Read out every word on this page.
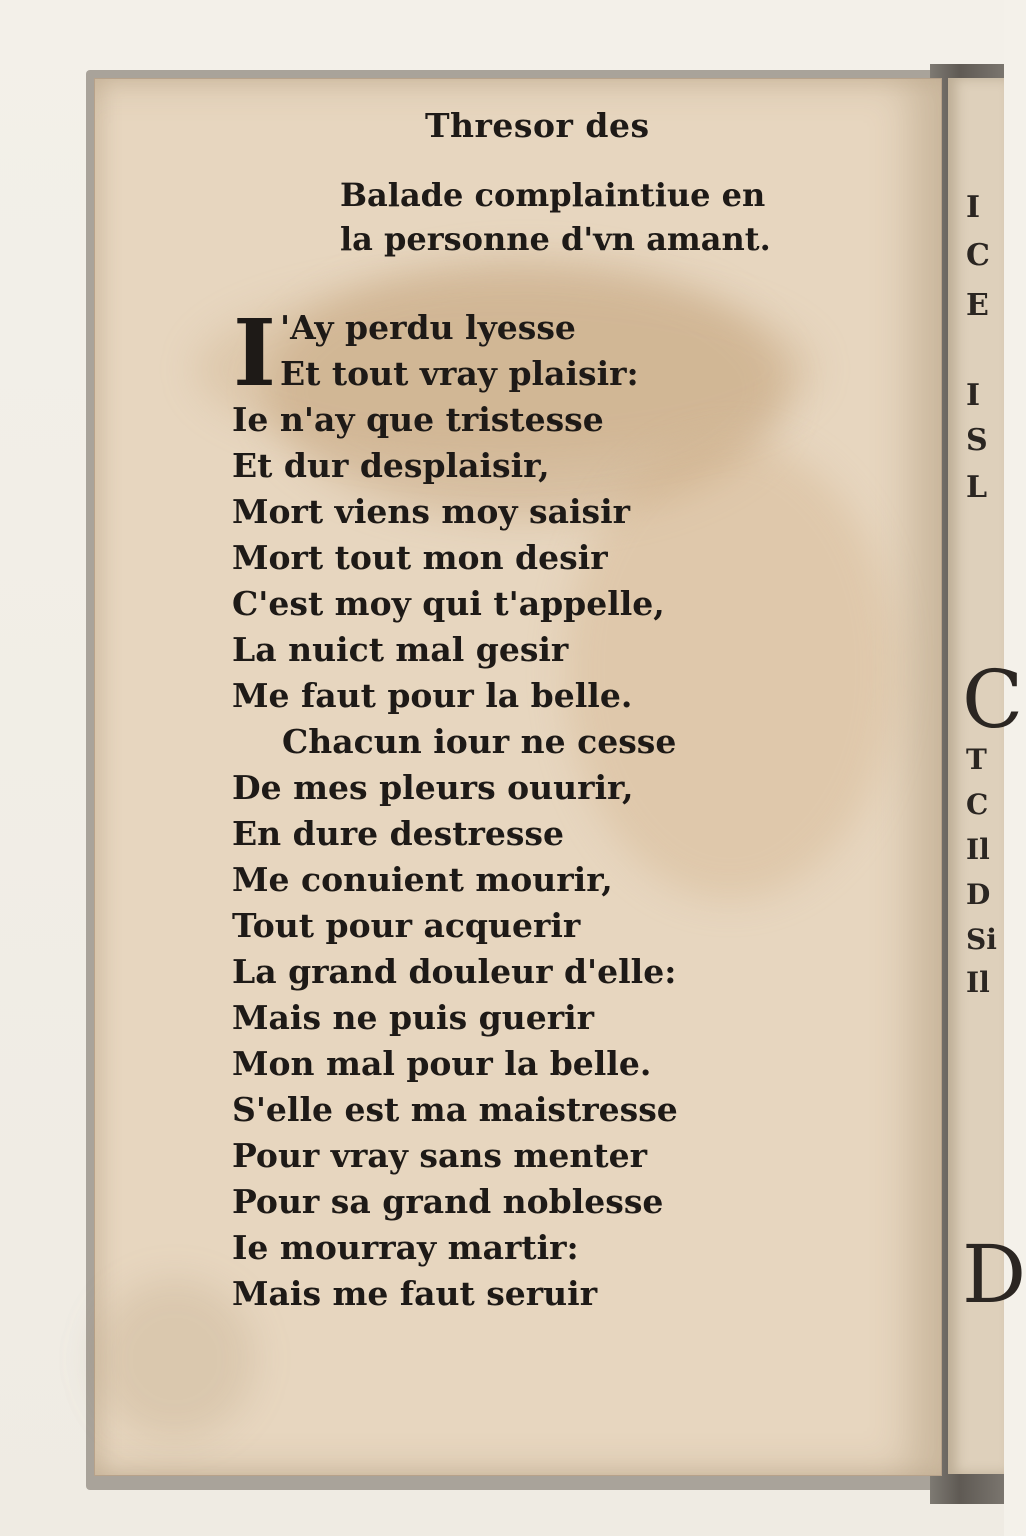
I
C
E
I
S
L
C
T
C
Il
D
Si
Il
D
Thresor des
Balade complaintiue en
la personne d'vn amant.
I 'Ay perdu lyesse
Et tout vray plaisir:
Ie n'ay que tristesse
Et dur desplaisir,
Mort viens moy saisir
Mort tout mon desir
C'est moy qui t'appelle,
La nuict mal gesir
Me faut pour la belle.
Chacun iour ne cesse
De mes pleurs ouurir,
En dure destresse
Me conuient mourir,
Tout pour acquerir
La grand douleur d'elle:
Mais ne puis guerir
Mon mal pour la belle.
S'elle est ma maistresse
Pour vray sans menter
Pour sa grand noblesse
Ie mourray martir:
Mais me faut seruir
